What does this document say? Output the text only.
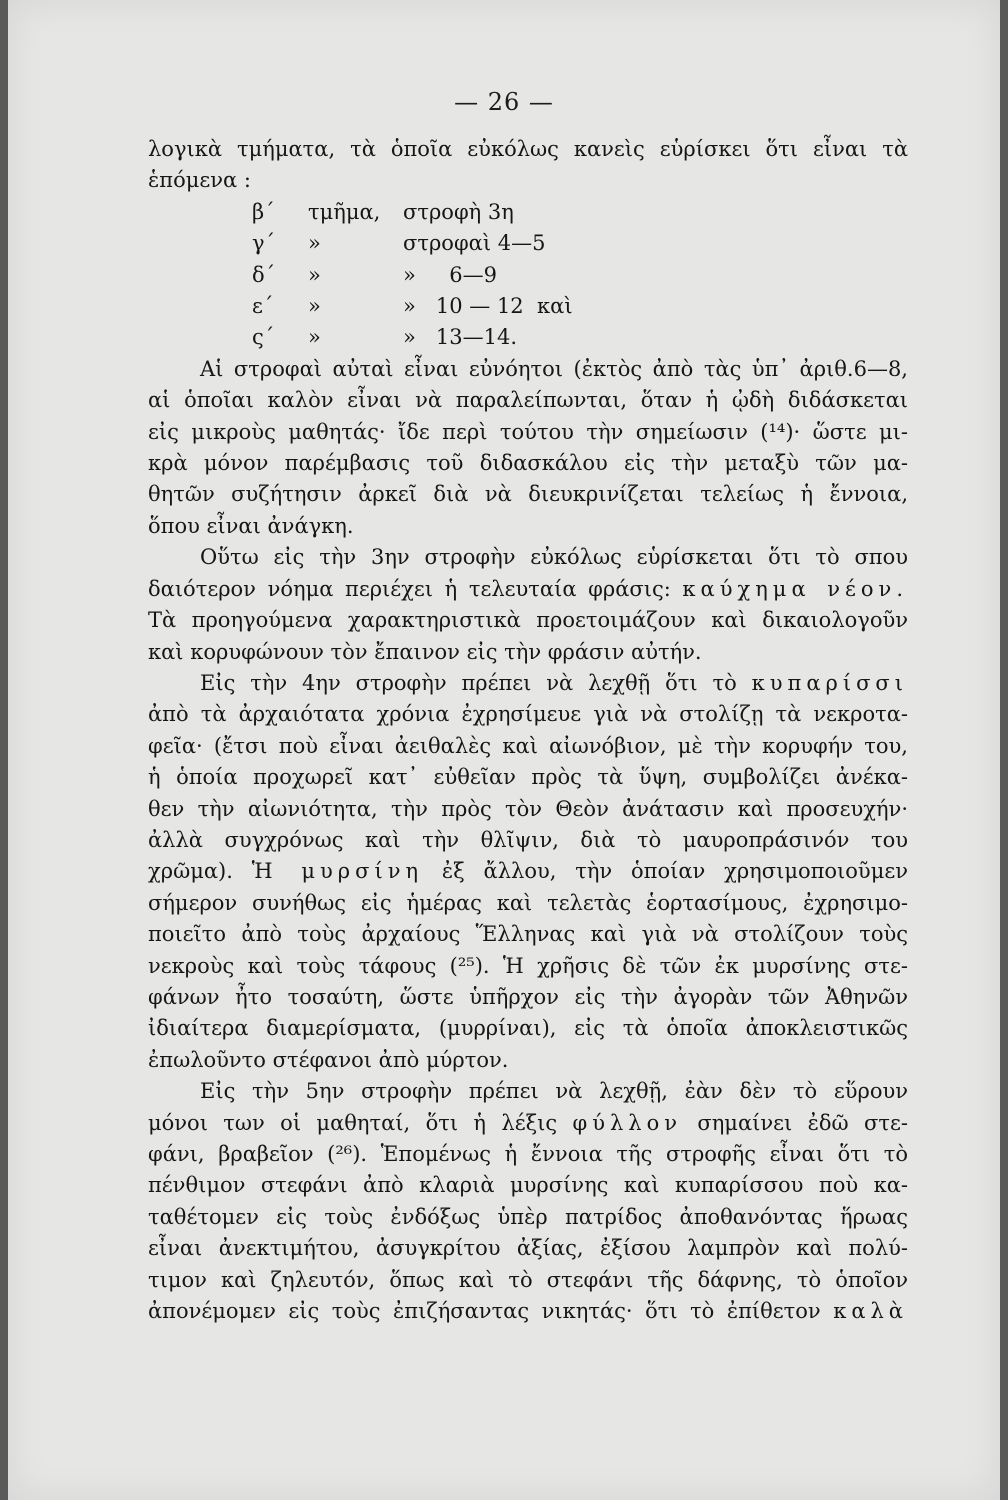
— 26 —
λογικὰ τμήματα, τὰ ὁποῖα εὐκόλως κανεὶς εὑρίσκει ὅτι εἶναι τὰ
ἑπόμενα :
β΄	τμῆμα,	στροφὴ 3η
γ΄	»	στροφαὶ 4—5
δ΄	»	»     6—9
ε΄	»	»   10 — 12  καὶ
ς΄	»	»   13—14.
Αἱ στροφαὶ αὐταὶ εἶναι εὐνόητοι (ἐκτὸς ἀπὸ τὰς ὑπ᾽ ἀριθ.6—8,
αἱ ὁποῖαι καλὸν εἶναι νὰ παραλείπωνται, ὅταν ἡ ᾠδὴ διδάσκεται
εἰς μικροὺς μαθητάς· ἴδε περὶ τούτου τὴν σημείωσιν (¹⁴)· ὥστε μι-
κρὰ μόνον παρέμβασις τοῦ διδασκάλου εἰς τὴν μεταξὺ τῶν μα-
θητῶν συζήτησιν ἀρκεῖ διὰ νὰ διευκρινίζεται τελείως ἡ ἔννοια,
ὅπου εἶναι ἀνάγκη.
Οὕτω εἰς τὴν 3ην στροφὴν εὐκόλως εὑρίσκεται ὅτι τὸ σπου
δαιότερον νόημα περιέχει ἡ τελευταία φράσις: καύχημα νέον.
Τὰ προηγούμενα χαρακτηριστικὰ προετοιμάζουν καὶ δικαιολογοῦν
καὶ κορυφώνουν τὸν ἔπαινον εἰς τὴν φράσιν αὐτήν.
Εἰς τὴν 4ην στροφὴν πρέπει νὰ λεχθῇ ὅτι τὸ κυπαρίσσι
ἀπὸ τὰ ἀρχαιότατα χρόνια ἐχρησίμευε γιὰ νὰ στολίζῃ τὰ νεκροτα-
φεῖα· (ἔτσι ποὺ εἶναι ἀειθαλὲς καὶ αἰωνόβιον, μὲ τὴν κορυφήν του,
ἡ ὁποία προχωρεῖ κατ᾽ εὐθεῖαν πρὸς τὰ ὕψη, συμβολίζει ἀνέκα-
θεν τὴν αἰωνιότητα, τὴν πρὸς τὸν Θεὸν ἀνάτασιν καὶ προσευχήν·
ἀλλὰ συγχρόνως καὶ τὴν θλῖψιν, διὰ τὸ μαυροπράσινόν του
χρῶμα). Ἡ μυρσίνη ἐξ ἄλλου, τὴν ὁποίαν χρησιμοποιοῦμεν
σήμερον συνήθως εἰς ἡμέρας καὶ τελετὰς ἑορτασίμους, ἐχρησιμο-
ποιεῖτο ἀπὸ τοὺς ἀρχαίους Ἕλληνας καὶ γιὰ νὰ στολίζουν τοὺς
νεκροὺς καὶ τοὺς τάφους (²⁵). Ἡ χρῆσις δὲ τῶν ἐκ μυρσίνης στε-
φάνων ἦτο τοσαύτη, ὥστε ὑπῆρχον εἰς τὴν ἀγορὰν τῶν Ἀθηνῶν
ἰδιαίτερα διαμερίσματα, (μυρρίναι), εἰς τὰ ὁποῖα ἀποκλειστικῶς
ἐπωλοῦντο στέφανοι ἀπὸ μύρτον.
Εἰς τὴν 5ην στροφὴν πρέπει νὰ λεχθῇ, ἐὰν δὲν τὸ εὕρουν
μόνοι των οἱ μαθηταί, ὅτι ἡ λέξις φύλλον σημαίνει ἐδῶ στε-
φάνι, βραβεῖον (²⁶). Ἑπομένως ἡ ἔννοια τῆς στροφῆς εἶναι ὅτι τὸ
πένθιμον στεφάνι ἀπὸ κλαριὰ μυρσίνης καὶ κυπαρίσσου ποὺ κα-
ταθέτομεν εἰς τοὺς ἐνδόξως ὑπὲρ πατρίδος ἀποθανόντας ἥρωας
εἶναι ἀνεκτιμήτου, ἀσυγκρίτου ἀξίας, ἐξίσου λαμπρὸν καὶ πολύ-
τιμον καὶ ζηλευτόν, ὅπως καὶ τὸ στεφάνι τῆς δάφνης, τὸ ὁποῖον
ἀπονέμομεν εἰς τοὺς ἐπιζήσαντας νικητάς· ὅτι τὸ ἐπίθετον καλὰ
